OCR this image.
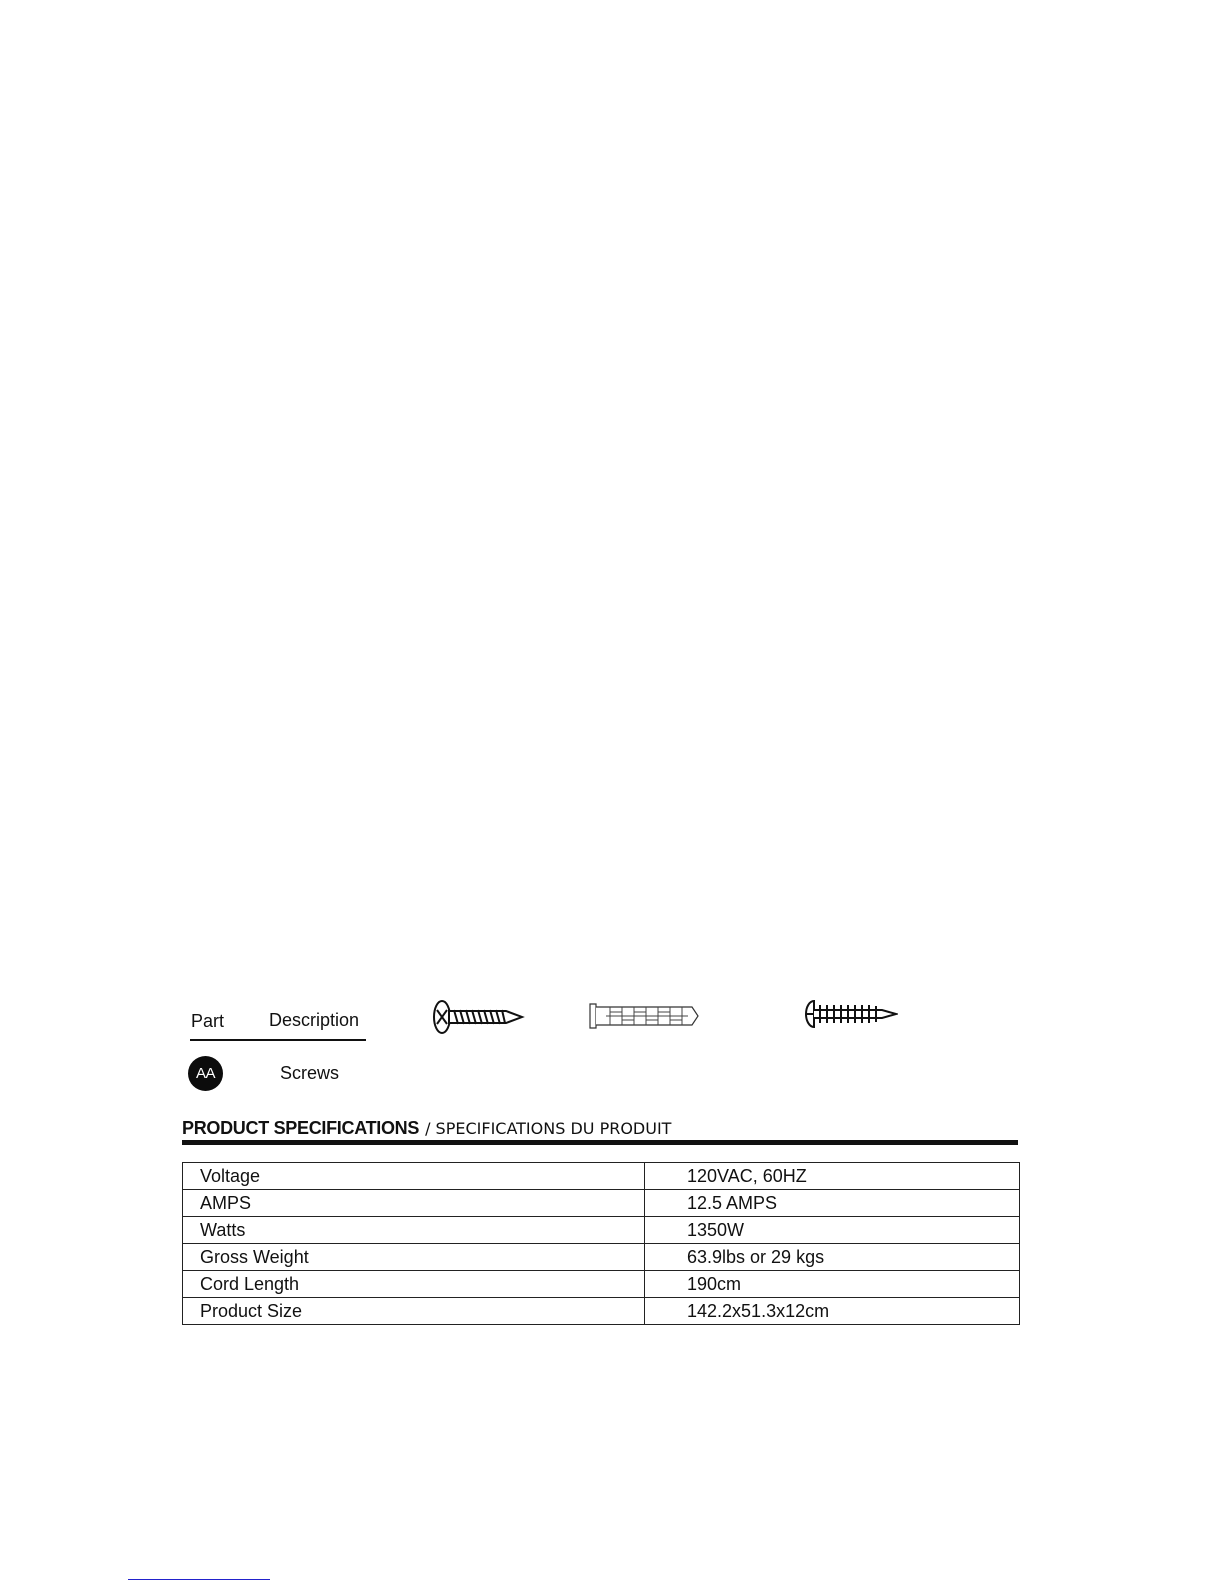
Part Description
AA	Screws
PRODUCT SPECIFICATIONS / SPECIFICATIONS DU PRODUIT
Voltage	120VAC, 60HZ
AMPS	12.5 AMPS
Watts	1350W
Gross Weight	63.9lbs or 29 kgs
Cord Length	190cm
Product Size	142.2x51.3x12cm
